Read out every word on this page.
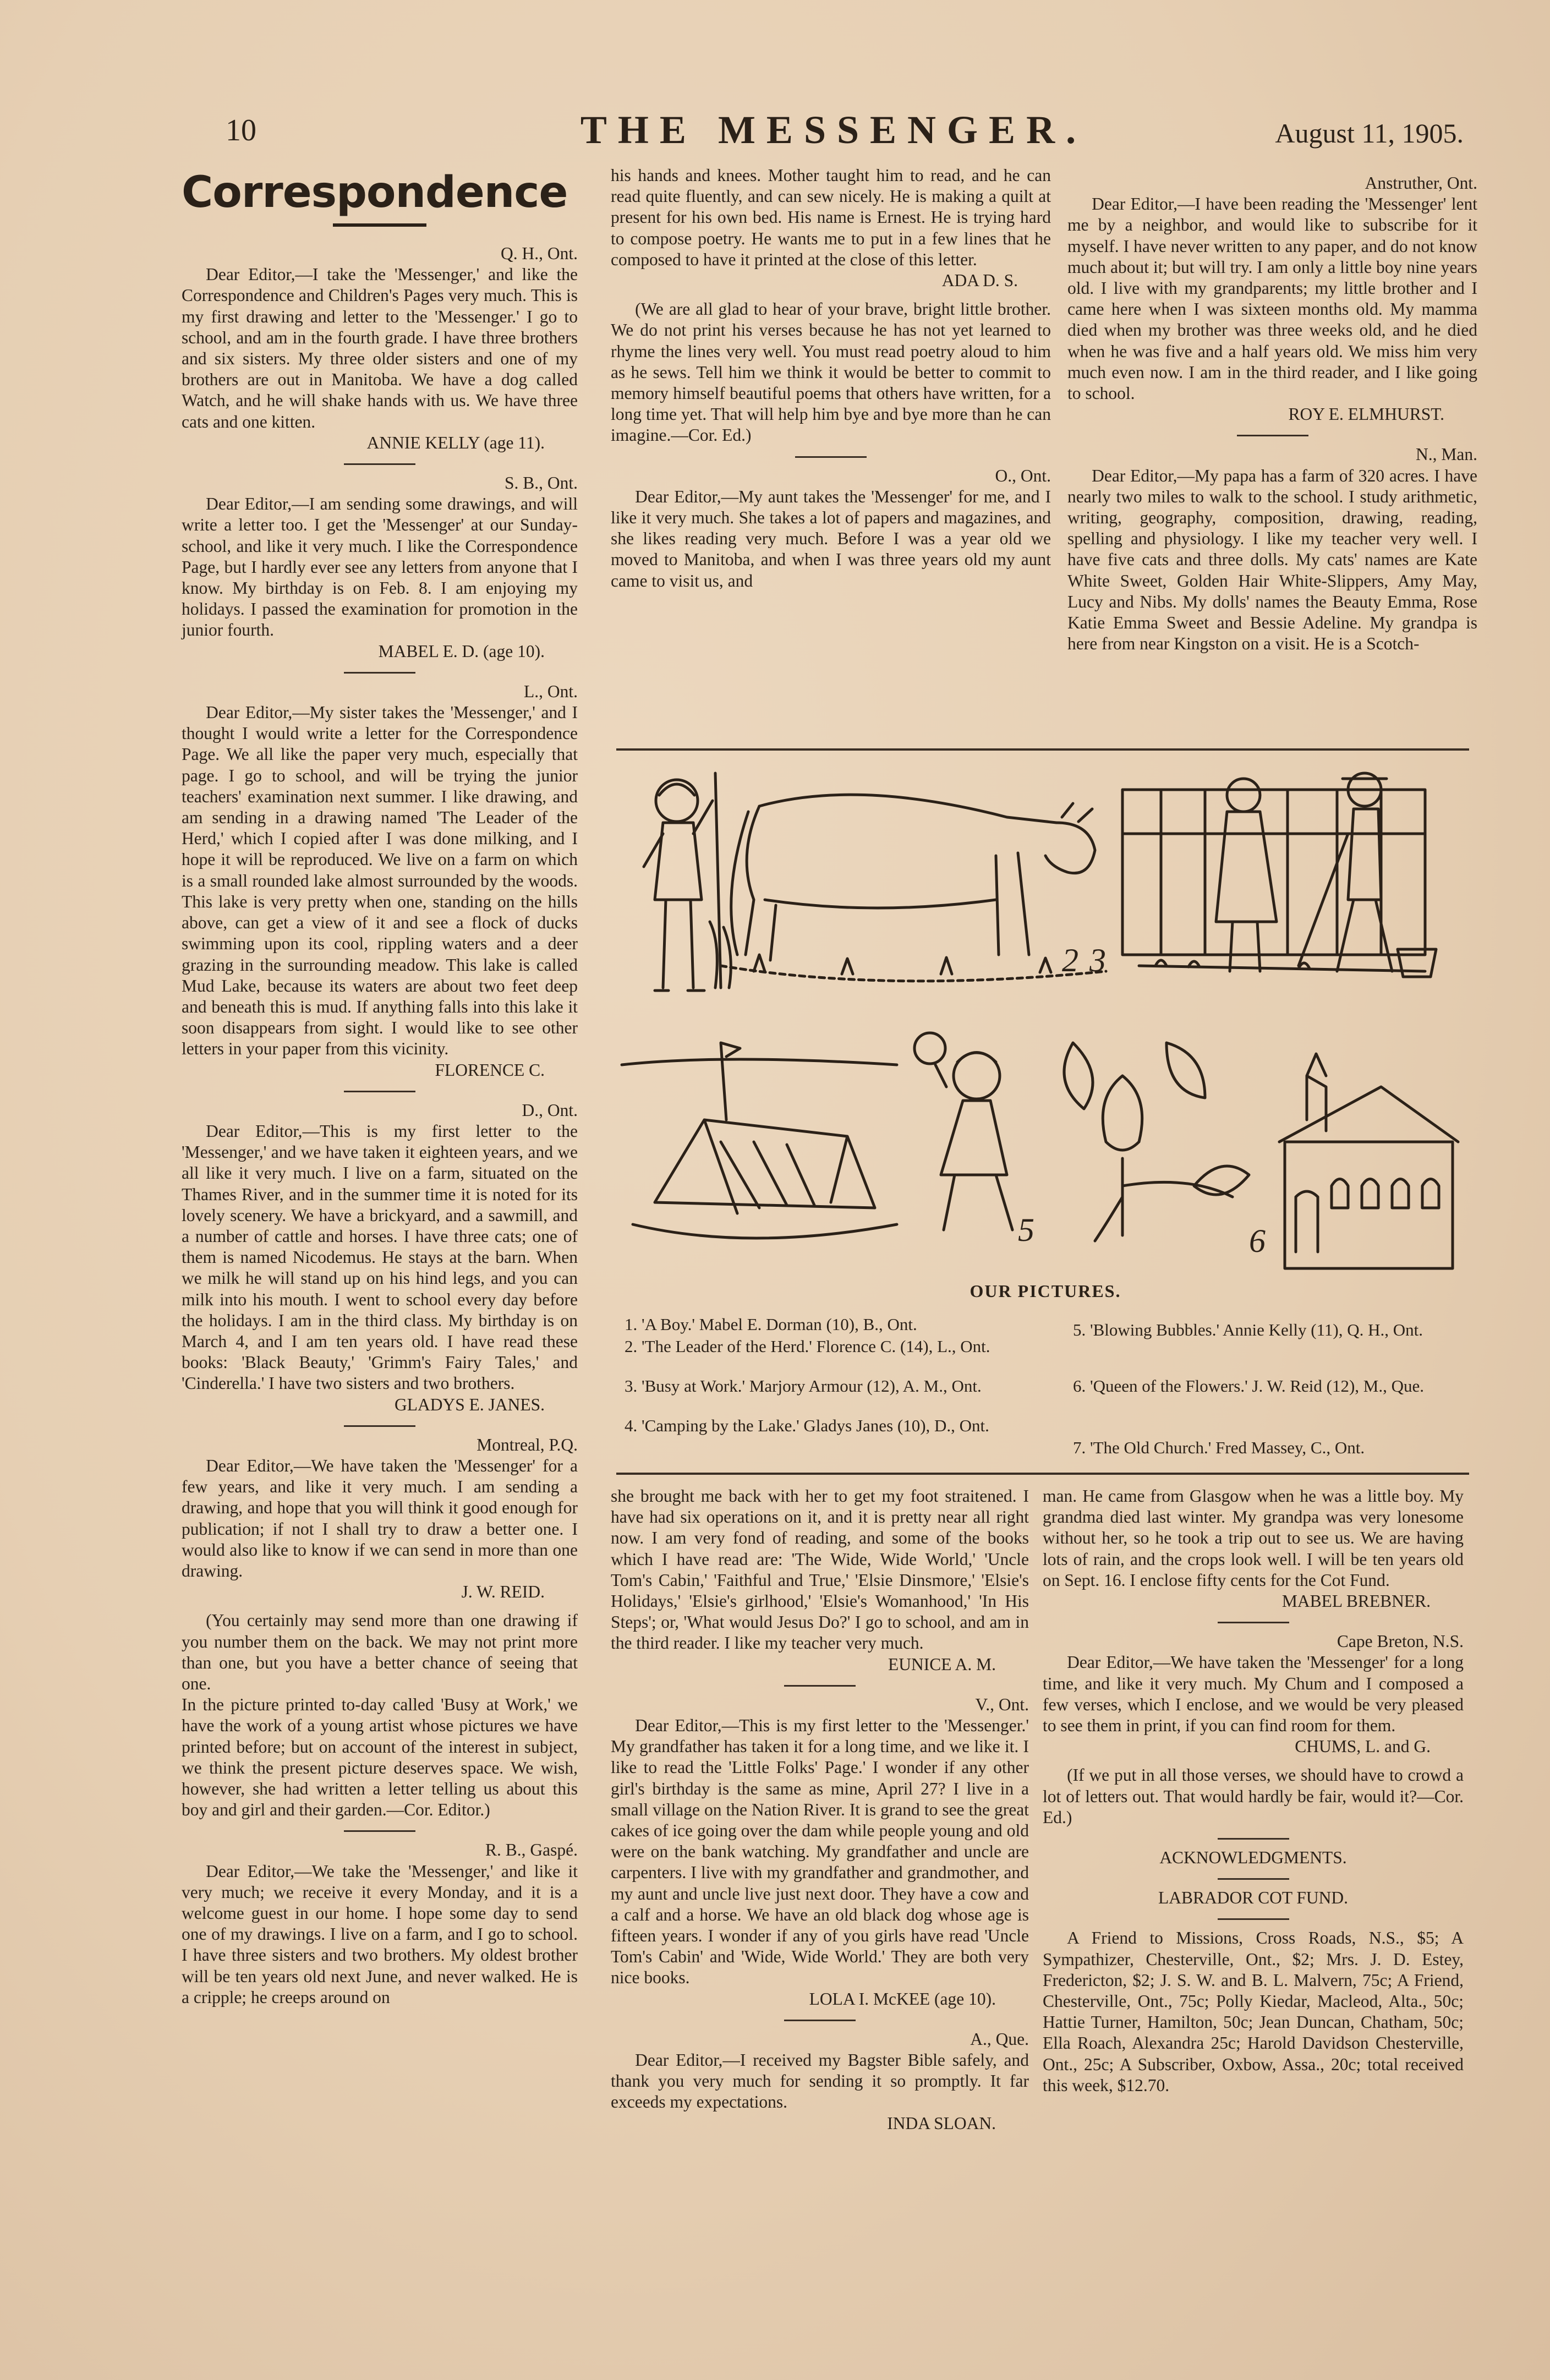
10	THE MESSENGER.	August 11, 1905.

Correspondence

Q. H., Ont.

Dear Editor,—I take the 'Messenger,' and like the Correspondence and Children's Pages very much. This is my first drawing and letter to the 'Messenger.' I go to school, and am in the fourth grade. I have three brothers and six sisters. My three older sisters and one of my brothers are out in Manitoba. We have a dog called Watch, and he will shake hands with us. We have three cats and one kitten.

ANNIE KELLY (age 11).

S. B., Ont.

Dear Editor,—I am sending some drawings, and will write a letter too. I get the 'Messenger' at our Sunday-school, and like it very much. I like the Correspondence Page, but I hardly ever see any letters from anyone that I know. My birthday is on Feb. 8. I am enjoying my holidays. I passed the examination for promotion in the junior fourth.

MABEL E. D. (age 10).

L., Ont.

Dear Editor,—My sister takes the 'Messenger,' and I thought I would write a letter for the Correspondence Page. We all like the paper very much, especially that page. I go to school, and will be trying the junior teachers' examination next summer. I like drawing, and am sending in a drawing named 'The Leader of the Herd,' which I copied after I was done milking, and I hope it will be reproduced. We live on a farm on which is a small rounded lake almost surrounded by the woods. This lake is very pretty when one, standing on the hills above, can get a view of it and see a flock of ducks swimming upon its cool, rippling waters and a deer grazing in the surrounding meadow. This lake is called Mud Lake, because its waters are about two feet deep and beneath this is mud. If anything falls into this lake it soon disappears from sight. I would like to see other letters in your paper from this vicinity.

FLORENCE C.

D., Ont.

Dear Editor,—This is my first letter to the 'Messenger,' and we have taken it eighteen years, and we all like it very much. I live on a farm, situated on the Thames River, and in the summer time it is noted for its lovely scenery. We have a brickyard, and a sawmill, and a number of cattle and horses. I have three cats; one of them is named Nicodemus. He stays at the barn. When we milk he will stand up on his hind legs, and you can milk into his mouth. I went to school every day before the holidays. I am in the third class. My birthday is on March 4, and I am ten years old. I have read these books: 'Black Beauty,' 'Grimm's Fairy Tales,' and 'Cinderella.' I have two sisters and two brothers.

GLADYS E. JANES.

Montreal, P.Q.

Dear Editor,—We have taken the 'Messenger' for a few years, and like it very much. I am sending a drawing, and hope that you will think it good enough for publication; if not I shall try to draw a better one. I would also like to know if we can send in more than one drawing.

J. W. REID.

(You certainly may send more than one drawing if you number them on the back. We may not print more than one, but you have a better chance of seeing that one.
In the picture printed to-day called 'Busy at Work,' we have the work of a young artist whose pictures we have printed before; but on account of the interest in subject, we think the present picture deserves space. We wish, however, she had written a letter telling us about this boy and girl and their garden.—Cor. Editor.)

R. B., Gaspé.

Dear Editor,—We take the 'Messenger,' and like it very much; we receive it every Monday, and it is a welcome guest in our home. I hope some day to send one of my drawings. I live on a farm, and I go to school. I have three sisters and two brothers. My oldest brother will be ten years old next June, and never walked. He is a cripple; he creeps around on

his hands and knees. Mother taught him to read, and he can read quite fluently, and can sew nicely. He is making a quilt at present for his own bed. His name is Ernest. He is trying hard to compose poetry. He wants me to put in a few lines that he composed to have it printed at the close of this letter.

ADA D. S.

(We are all glad to hear of your brave, bright little brother. We do not print his verses because he has not yet learned to rhyme the lines very well. You must read poetry aloud to him as he sews. Tell him we think it would be better to commit to memory himself beautiful poems that others have written, for a long time yet. That will help him bye and bye more than he can imagine.—Cor. Ed.)

O., Ont.

Dear Editor,—My aunt takes the 'Messenger' for me, and I like it very much. She takes a lot of papers and magazines, and she likes reading very much. Before I was a year old we moved to Manitoba, and when I was three years old my aunt came to visit us, and

Anstruther, Ont.

Dear Editor,—I have been reading the 'Messenger' lent me by a neighbor, and would like to subscribe for it myself. I have never written to any paper, and do not know much about it; but will try. I am only a little boy nine years old. I live with my grandparents; my little brother and I came here when I was sixteen months old. My mamma died when my brother was three weeks old, and he died when he was five and a half years old. We miss him very much even now. I am in the third reader, and I like going to school.

ROY E. ELMHURST.

N., Man.

Dear Editor,—My papa has a farm of 320 acres. I have nearly two miles to walk to the school. I study arithmetic, writing, geography, composition, drawing, reading, spelling and physiology. I like my teacher very well. I have five cats and three dolls. My cats' names are Kate White Sweet, Golden Hair White-Slippers, Amy May, Lucy and Nibs. My dolls' names the Beauty Emma, Rose Katie Emma Sweet and Bessie Adeline. My grandpa is here from near Kingston on a visit. He is a Scotch-

2 3
5	6
OUR PICTURES.
1. 'A Boy.' Mabel E. Dorman (10), B., Ont.
2. 'The Leader of the Herd.' Florence C. (14), L., Ont.
3. 'Busy at Work.' Marjory Armour (12), A. M., Ont.
4. 'Camping by the Lake.' Gladys Janes (10), D., Ont.
5. 'Blowing Bubbles.' Annie Kelly (11), Q. H., Ont.
6. 'Queen of the Flowers.' J. W. Reid (12), M., Que.
7. 'The Old Church.' Fred Massey, C., Ont.

she brought me back with her to get my foot straitened. I have had six operations on it, and it is pretty near all right now. I am very fond of reading, and some of the books which I have read are: 'The Wide, Wide World,' 'Uncle Tom's Cabin,' 'Faithful and True,' 'Elsie Dinsmore,' 'Elsie's Holidays,' 'Elsie's girlhood,' 'Elsie's Womanhood,' 'In His Steps'; or, 'What would Jesus Do?' I go to school, and am in the third reader. I like my teacher very much.

EUNICE A. M.

V., Ont.

Dear Editor,—This is my first letter to the 'Messenger.' My grandfather has taken it for a long time, and we like it. I like to read the 'Little Folks' Page.' I wonder if any other girl's birthday is the same as mine, April 27? I live in a small village on the Nation River. It is grand to see the great cakes of ice going over the dam while people young and old were on the bank watching. My grandfather and uncle are carpenters. I live with my grandfather and grandmother, and my aunt and uncle live just next door. They have a cow and a calf and a horse. We have an old black dog whose age is fifteen years. I wonder if any of you girls have read 'Uncle Tom's Cabin' and 'Wide, Wide World.' They are both very nice books.

LOLA I. McKEE (age 10).

A., Que.

Dear Editor,—I received my Bagster Bible safely, and thank you very much for sending it so promptly. It far exceeds my expectations.

INDA SLOAN.

man. He came from Glasgow when he was a little boy. My grandma died last winter. My grandpa was very lonesome without her, so he took a trip out to see us. We are having lots of rain, and the crops look well. I will be ten years old on Sept. 16. I enclose fifty cents for the Cot Fund.

MABEL BREBNER.

Cape Breton, N.S.

Dear Editor,—We have taken the 'Messenger' for a long time, and like it very much. My Chum and I composed a few verses, which I enclose, and we would be very pleased to see them in print, if you can find room for them.

CHUMS, L. and G.

(If we put in all those verses, we should have to crowd a lot of letters out. That would hardly be fair, would it?—Cor. Ed.)

ACKNOWLEDGMENTS.

LABRADOR COT FUND.

A Friend to Missions, Cross Roads, N.S., $5; A Sympathizer, Chesterville, Ont., $2; Mrs. J. D. Estey, Fredericton, $2; J. S. W. and B. L. Malvern, 75c; A Friend, Chesterville, Ont., 75c; Polly Kiedar, Macleod, Alta., 50c; Hattie Turner, Hamilton, 50c; Jean Duncan, Chatham, 50c; Ella Roach, Alexandra 25c; Harold Davidson Chesterville, Ont., 25c; A Subscriber, Oxbow, Assa., 20c; total received this week, $12.70.
